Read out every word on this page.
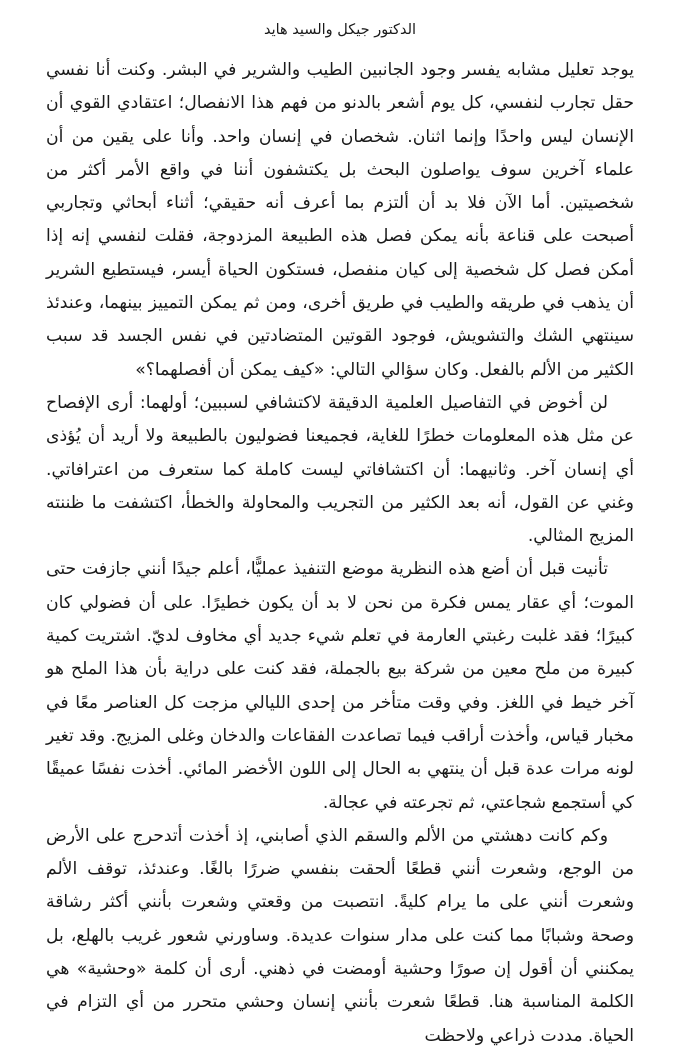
الدكتور جيكل والسيد هايد

يوجد تعليل مشابه يفسر وجود الجانبين الطيب والشرير في البشر. وكنت أنا نفسي حقل تجارب لنفسي، كل يوم أشعر بالدنو من فهم هذا الانفصال؛ اعتقادي القوي أن الإنسان ليس واحدًا وإنما اثنان. شخصان في إنسان واحد. وأنا على يقين من أن علماء آخرين سوف يواصلون البحث بل يكتشفون أننا في واقع الأمر أكثر من شخصيتين. أما الآن فلا بد أن ألتزم بما أعرف أنه حقيقي؛ أثناء أبحاثي وتجاربي أصبحت على قناعة بأنه يمكن فصل هذه الطبيعة المزدوجة، فقلت لنفسي إنه إذا أمكن فصل كل شخصية إلى كيان منفصل، فستكون الحياة أيسر، فيستطيع الشرير أن يذهب في طريقه والطيب في طريق أخرى، ومن ثم يمكن التمييز بينهما، وعندئذ سينتهي الشك والتشويش، فوجود القوتين المتضادتين في نفس الجسد قد سبب الكثير من الألم بالفعل. وكان سؤالي التالي: «كيف يمكن أن أفصلهما؟»

لن أخوض في التفاصيل العلمية الدقيقة لاكتشافي لسببين؛ أولهما: أرى الإفصاح عن مثل هذه المعلومات خطرًا للغاية، فجميعنا فضوليون بالطبيعة ولا أريد أن يُؤذى أي إنسان آخر. وثانيهما: أن اكتشافاتي ليست كاملة كما ستعرف من اعترافاتي. وغني عن القول، أنه بعد الكثير من التجريب والمحاولة والخطأ، اكتشفت ما ظننته المزيج المثالي.

تأنيت قبل أن أضع هذه النظرية موضع التنفيذ عمليًّا، أعلم جيدًا أنني جازفت حتى الموت؛ أي عقار يمس فكرة من نحن لا بد أن يكون خطيرًا. على أن فضولي كان كبيرًا؛ فقد غلبت رغبتي العارمة في تعلم شيء جديد أي مخاوف لديّ. اشتريت كمية كبيرة من ملح معين من شركة بيع بالجملة، فقد كنت على دراية بأن هذا الملح هو آخر خيط في اللغز. وفي وقت متأخر من إحدى الليالي مزجت كل العناصر معًا في مخبار قياس، وأخذت أراقب فيما تصاعدت الفقاعات والدخان وغلى المزيج. وقد تغير لونه مرات عدة قبل أن ينتهي به الحال إلى اللون الأخضر المائي. أخذت نفسًا عميقًا كي أستجمع شجاعتي، ثم تجرعته في عجالة.

وكم كانت دهشتي من الألم والسقم الذي أصابني، إذ أخذت أتدحرج على الأرض من الوجع، وشعرت أنني قطعًا ألحقت بنفسي ضررًا بالغًا. وعندئذ، توقف الألم وشعرت أنني على ما يرام كليةً. انتصبت من وقعتي وشعرت بأنني أكثر رشاقة وصحة وشبابًا مما كنت على مدار سنوات عديدة. وساورني شعور غريب بالهلع، بل يمكنني أن أقول إن صورًا وحشية أومضت في ذهني. أرى أن كلمة «وحشية» هي الكلمة المناسبة هنا. قطعًا شعرت بأنني إنسان وحشي متحرر من أي التزام في الحياة. مددت ذراعي ولاحظت
